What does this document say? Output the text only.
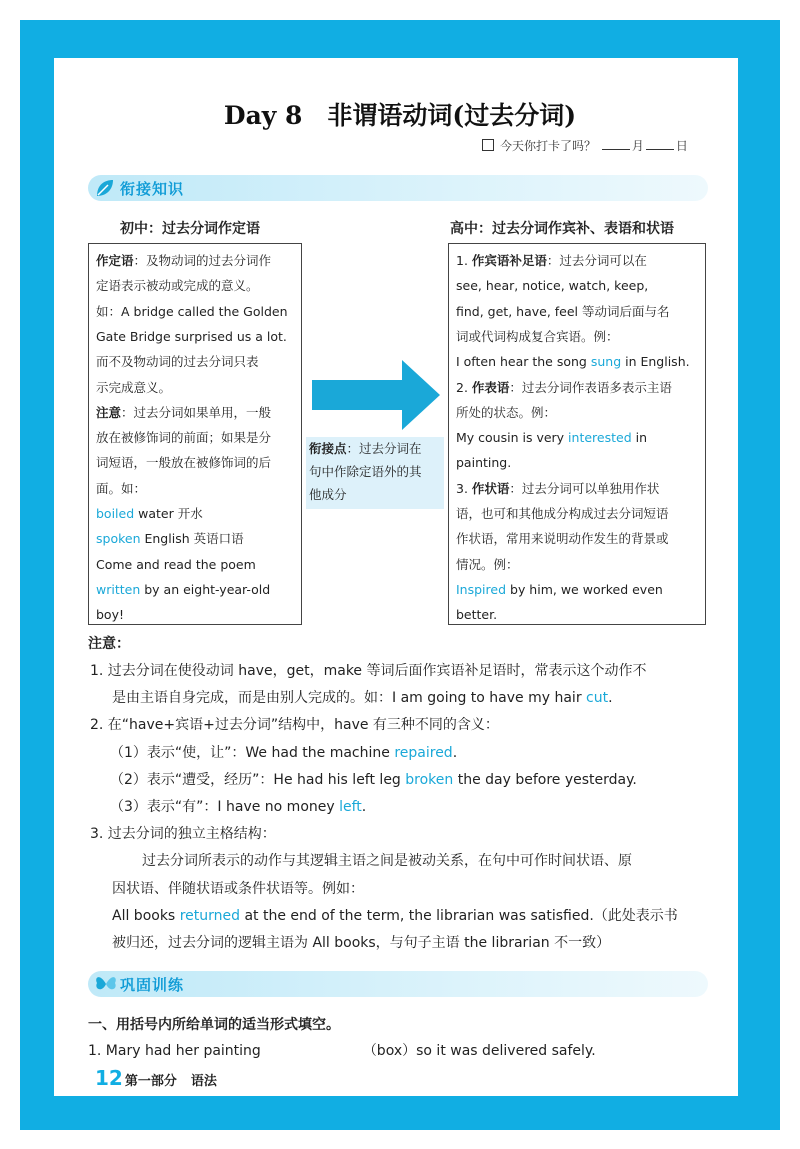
Day 8　非谓语动词(过去分词)
今天你打卡了吗？	月	日
衔接知识
初中：过去分词作定语	高中：过去分词作宾补、表语和状语
作定语：及物动词的过去分词作
定语表示被动或完成的意义。
如：A bridge called the Golden
Gate Bridge surprised us a lot.
而不及物动词的过去分词只表
示完成意义。
注意：过去分词如果单用，一般
放在被修饰词的前面；如果是分
词短语，一般放在被修饰词的后
面。如：
boiled water 开水
spoken English 英语口语
Come and read the poem
written by an eight-year-old
boy!
1. 作宾语补足语：过去分词可以在
see, hear, notice, watch, keep,
find, get, have, feel 等动词后面与名
词或代词构成复合宾语。例：
I often hear the song sung in English.
2. 作表语：过去分词作表语多表示主语
所处的状态。例：
My cousin is very interested in
painting.
3. 作状语：过去分词可以单独用作状
语，也可和其他成分构成过去分词短语
作状语，常用来说明动作发生的背景或
情况。例：
Inspired by him, we worked even
better.
衔接点：过去分词在
句中作除定语外的其
他成分
注意：
1. 过去分词在使役动词 have，get，make 等词后面作宾语补足语时，常表示这个动作不
是由主语自身完成，而是由别人完成的。如：I am going to have my hair cut.
2. 在“have+宾语+过去分词”结构中，have 有三种不同的含义：
（1）表示“使，让”：We had the machine repaired.
（2）表示“遭受，经历”：He had his left leg broken the day before yesterday.
（3）表示“有”：I have no money left.
3. 过去分词的独立主格结构：
过去分词所表示的动作与其逻辑主语之间是被动关系，在句中可作时间状语、原
因状语、伴随状语或条件状语等。例如：
All books returned at the end of the term, the librarian was satisfied.（此处表示书
被归还，过去分词的逻辑主语为 All books，与句子主语 the librarian 不一致）
巩固训练
一、用括号内所给单词的适当形式填空。
1. Mary had her painting	（box）so it was delivered safely.
12 第一部分 语法
